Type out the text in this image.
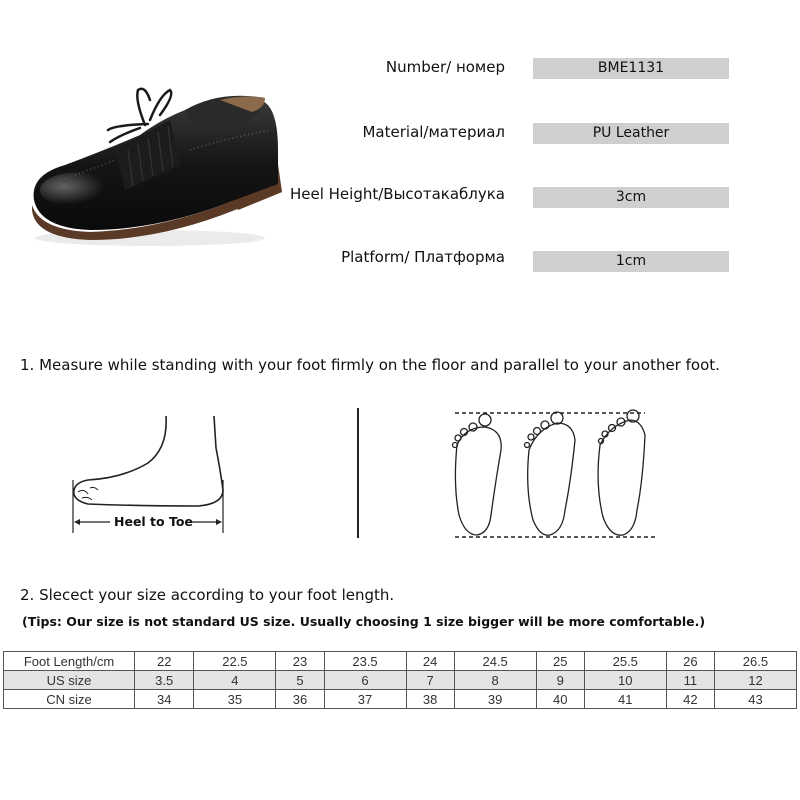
Number/ номер	BME1131
Material/материал	PU Leather
Heel Height/Высотакаблука	3cm
Platform/ Платформа	1cm
1. Measure while standing with your foot firmly on the floor and parallel to your another foot.
Heel to Toe
2. Slecect your size according to your foot length.
(Tips: Our size is not standard US size. Usually choosing 1 size bigger will be more comfortable.)
Foot Length/cm	22	22.5	23	23.5	24	24.5	25	25.5	26	26.5
US size	3.5	4	5	6	7	8	9	10	11	12
CN size	34	35	36	37	38	39	40	41	42	43
